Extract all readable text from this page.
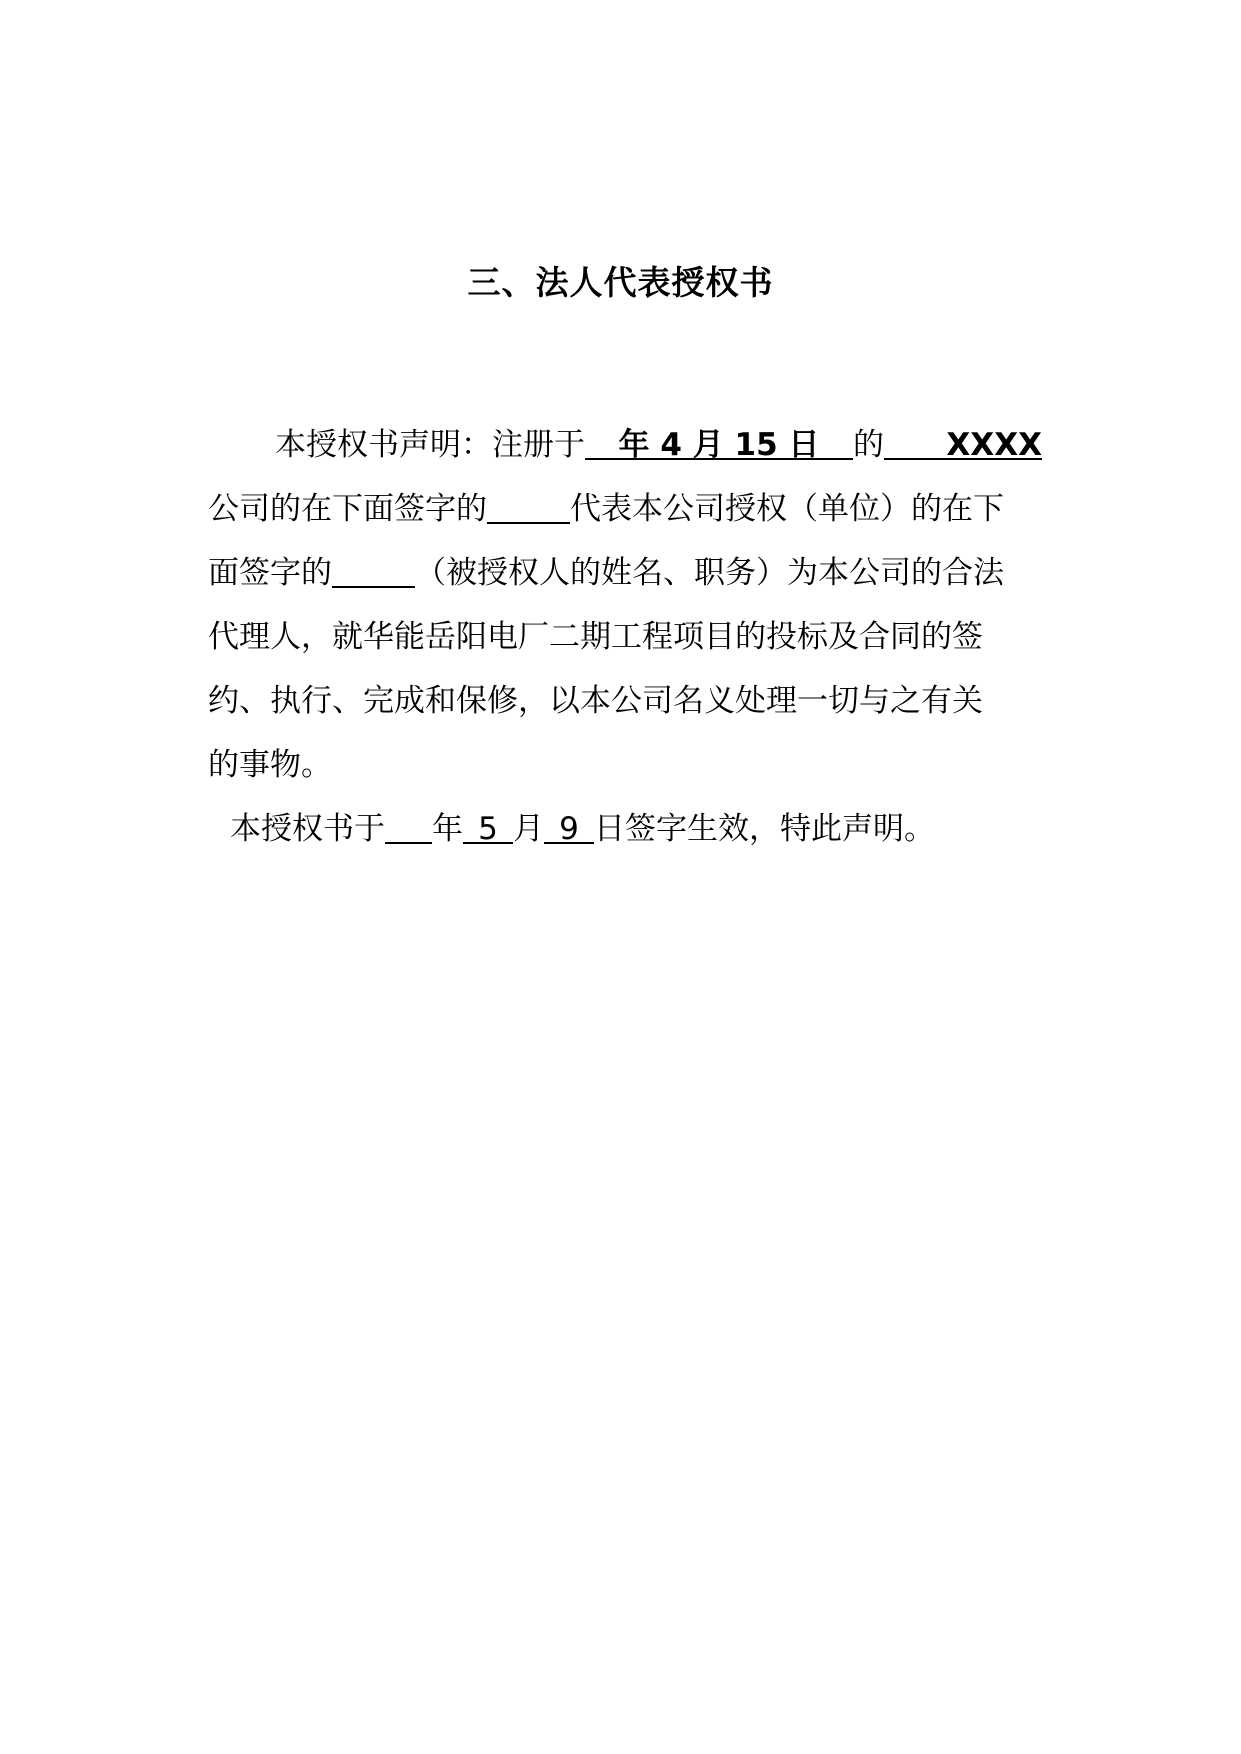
三、法人代表授权书
本授权书声明：注册于 年 4 月 15 日 的 XXXX
公司的在下面签字的	代表本公司授权（单位）的在下
面签字的	（被授权人的姓名、职务）为本公司的合法
代理人，就华能岳阳电厂二期工程项目的投标及合同的签
约、执行、完成和保修，以本公司名义处理一切与之有关
的事物。
本授权书于 年 5 月 9 日签字生效，特此声明。
